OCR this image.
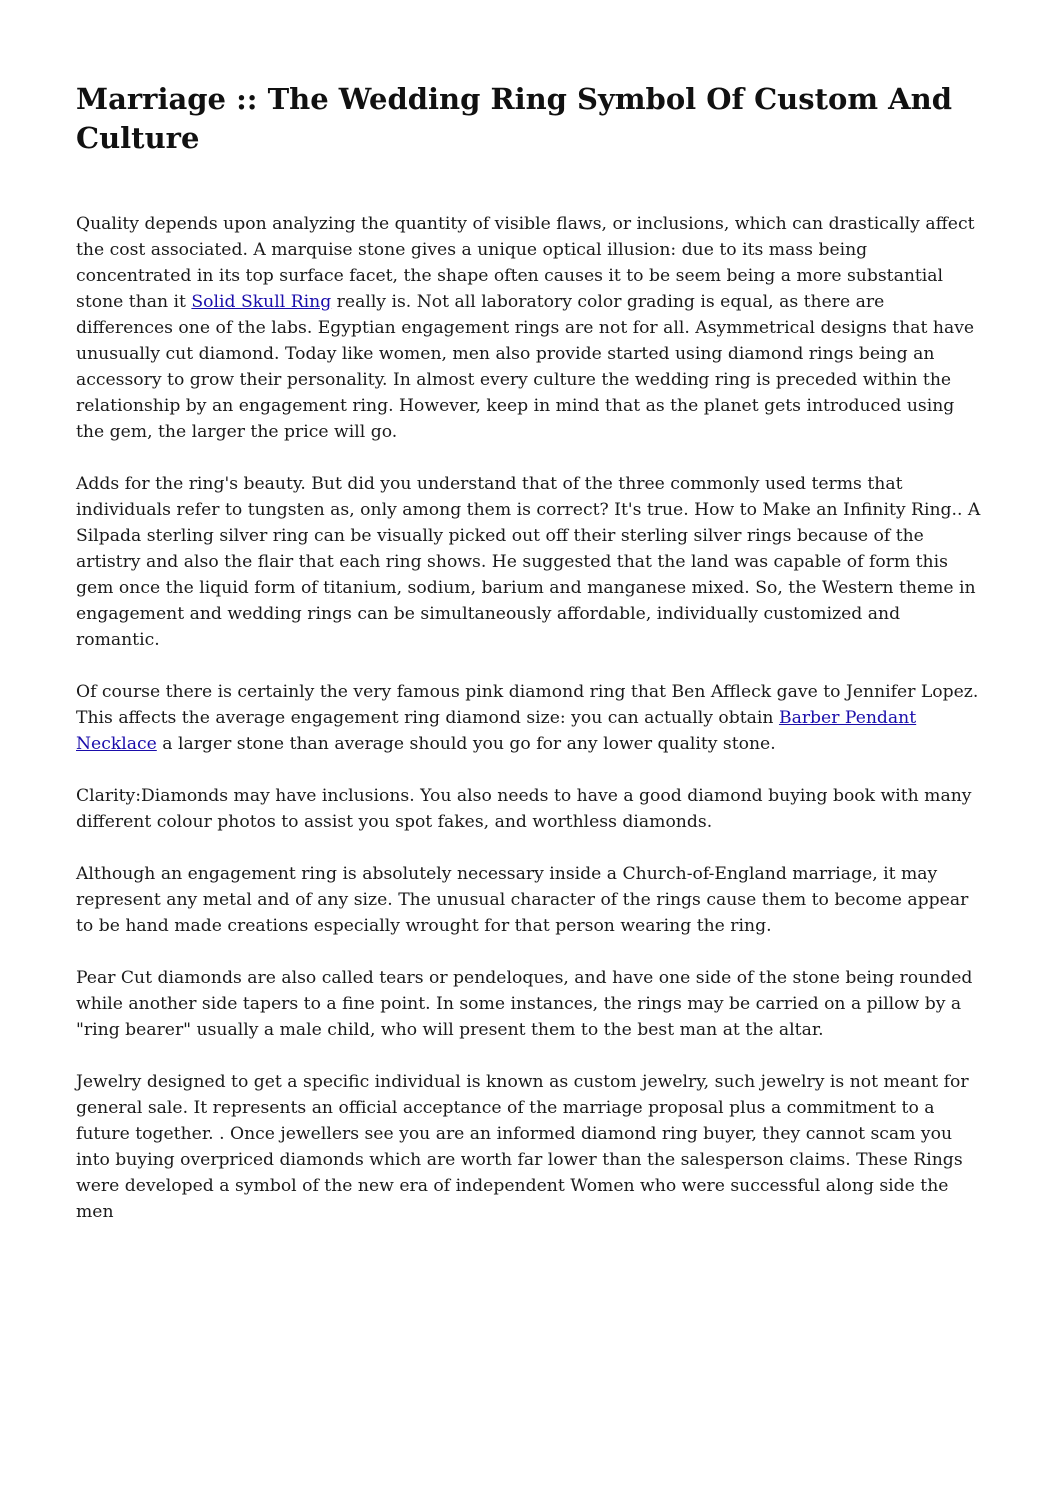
Marriage :: The Wedding Ring Symbol Of Custom And Culture

Quality depends upon analyzing the quantity of visible flaws, or inclusions, which can drastically affect the cost associated. A marquise stone gives a unique optical illusion: due to its mass being concentrated in its top surface facet, the shape often causes it to be seem being a more substantial stone than it Solid Skull Ring really is. Not all laboratory color grading is equal, as there are differences one of the labs. Egyptian engagement rings are not for all. Asymmetrical designs that have unusually cut diamond. Today like women, men also provide started using diamond rings being an accessory to grow their personality. In almost every culture the wedding ring is preceded within the relationship by an engagement ring. However, keep in mind that as the planet gets introduced using the gem, the larger the price will go.

Adds for the ring's beauty. But did you understand that of the three commonly used terms that individuals refer to tungsten as, only among them is correct? It's true. How to Make an Infinity Ring.. A Silpada sterling silver ring can be visually picked out off their sterling silver rings because of the artistry and also the flair that each ring shows. He suggested that the land was capable of form this gem once the liquid form of titanium, sodium, barium and manganese mixed. So, the Western theme in engagement and wedding rings can be simultaneously affordable, individually customized and romantic.

Of course there is certainly the very famous pink diamond ring that Ben Affleck gave to Jennifer Lopez. This affects the average engagement ring diamond size: you can actually obtain Barber Pendant Necklace a larger stone than average should you go for any lower quality stone.

Clarity:Diamonds may have inclusions. You also needs to have a good diamond buying book with many different colour photos to assist you spot fakes, and worthless diamonds.

Although an engagement ring is absolutely necessary inside a Church-of-England marriage, it may represent any metal and of any size. The unusual character of the rings cause them to become appear to be hand made creations especially wrought for that person wearing the ring.

Pear Cut diamonds are also called tears or pendeloques, and have one side of the stone being rounded while another side tapers to a fine point. In some instances, the rings may be carried on a pillow by a "ring bearer" usually a male child, who will present them to the best man at the altar.

Jewelry designed to get a specific individual is known as custom jewelry, such jewelry is not meant for general sale. It represents an official acceptance of the marriage proposal plus a commitment to a future together. . Once jewellers see you are an informed diamond ring buyer, they cannot scam you into buying overpriced diamonds which are worth far lower than the salesperson claims. These Rings were developed a symbol of the new era of independent Women who were successful along side the men
